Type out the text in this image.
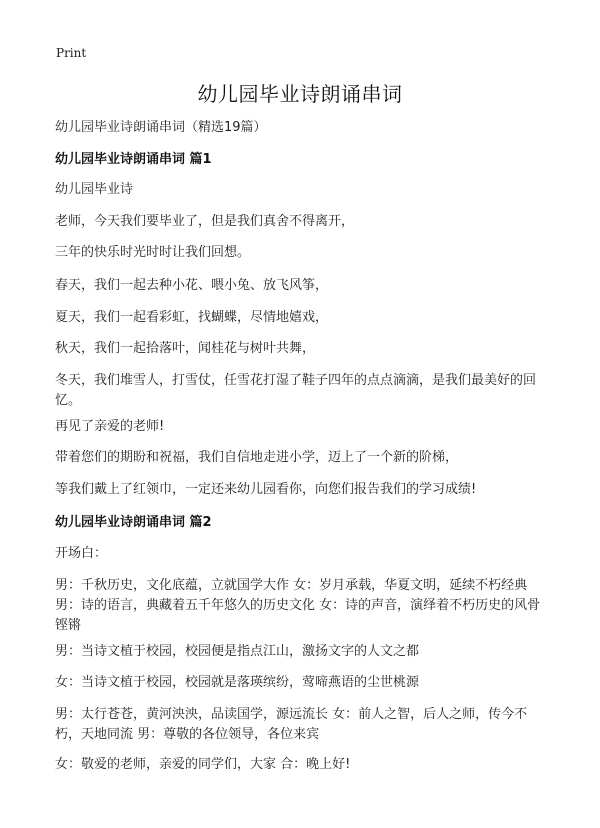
Print
幼儿园毕业诗朗诵串词
幼儿园毕业诗朗诵串词（精选19篇）
幼儿园毕业诗朗诵串词 篇1
幼儿园毕业诗
老师，今天我们要毕业了，但是我们真舍不得离开，
三年的快乐时光时时让我们回想。
春天，我们一起去种小花、喂小兔、放飞风筝，
夏天，我们一起看彩虹，找蝴蝶，尽情地嬉戏，
秋天，我们一起拾落叶，闻桂花与树叶共舞，
冬天，我们堆雪人，打雪仗，任雪花打湿了鞋子四年的点点滴滴，是我们最美好的回忆。
再见了亲爱的老师!
带着您们的期盼和祝福，我们自信地走进小学，迈上了一个新的阶梯，
等我们戴上了红领巾，一定还来幼儿园看你，向您们报告我们的学习成绩!
幼儿园毕业诗朗诵串词 篇2
开场白：
男：千秋历史，文化底蕴，立就国学大作 女：岁月承载，华夏文明，延续不朽经典 男：诗的语言，典藏着五千年悠久的历史文化 女：诗的声音，演绎着不朽历史的风骨铿锵
男：当诗文植于校园，校园便是指点江山，激扬文字的人文之都
女：当诗文植于校园，校园就是落瑛缤纷，莺啼燕语的尘世桃源
男：太行苍苍，黄河泱泱，品读国学，源远流长 女：前人之智，后人之师，传今不朽，天地同流 男：尊敬的各位领导，各位来宾
女：敬爱的老师，亲爱的同学们，大家 合：晚上好!
